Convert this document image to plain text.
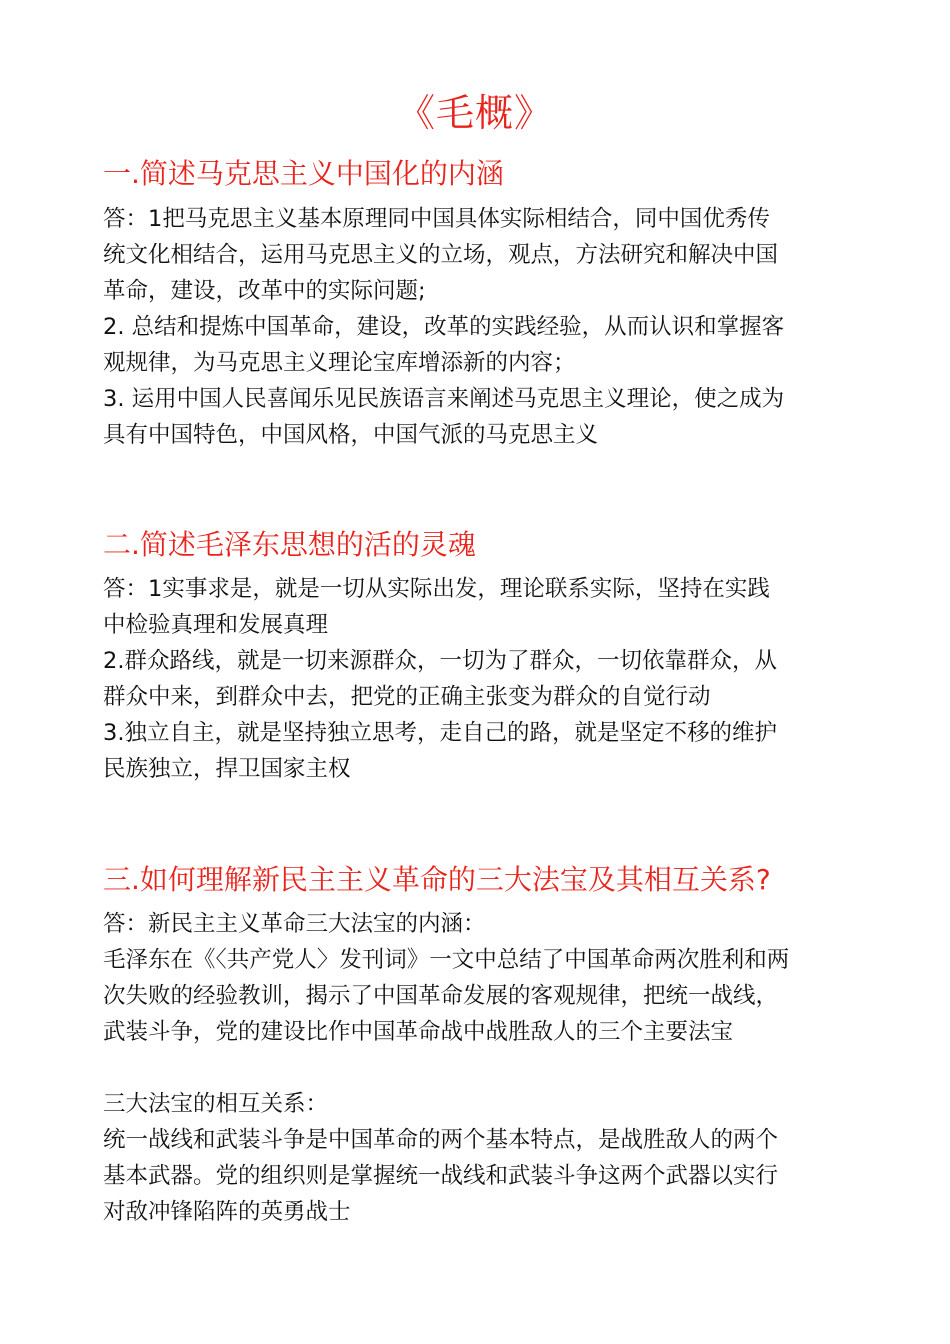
《毛概》
一.简述马克思主义中国化的内涵

答：1把马克思主义基本原理同中国具体实际相结合，同中国优秀传

统文化相结合，运用马克思主义的立场，观点，方法研究和解决中国

革命，建设，改革中的实际问题;

2. 总结和提炼中国革命，建设，改革的实践经验，从而认识和掌握客

观规律，为马克思主义理论宝库增添新的内容；

3. 运用中国人民喜闻乐见民族语言来阐述马克思主义理论，使之成为

具有中国特色，中国风格，中国气派的马克思主义

二.简述毛泽东思想的活的灵魂

答：1实事求是，就是一切从实际出发，理论联系实际，坚持在实践

中检验真理和发展真理

2.群众路线，就是一切来源群众，一切为了群众，一切依靠群众，从

群众中来，到群众中去，把党的正确主张变为群众的自觉行动

3.独立自主，就是坚持独立思考，走自己的路，就是坚定不移的维护

民族独立，捍卫国家主权

三.如何理解新民主主义革命的三大法宝及其相互关系?

答：新民主主义革命三大法宝的内涵：

毛泽东在《〈共产党人〉发刊词》一文中总结了中国革命两次胜利和两

次失败的经验教训，揭示了中国革命发展的客观规律，把统一战线，

武装斗争，党的建设比作中国革命战中战胜敌人的三个主要法宝

三大法宝的相互关系：

统一战线和武装斗争是中国革命的两个基本特点，是战胜敌人的两个

基本武器。党的组织则是掌握统一战线和武装斗争这两个武器以实行

对敌冲锋陷阵的英勇战士
